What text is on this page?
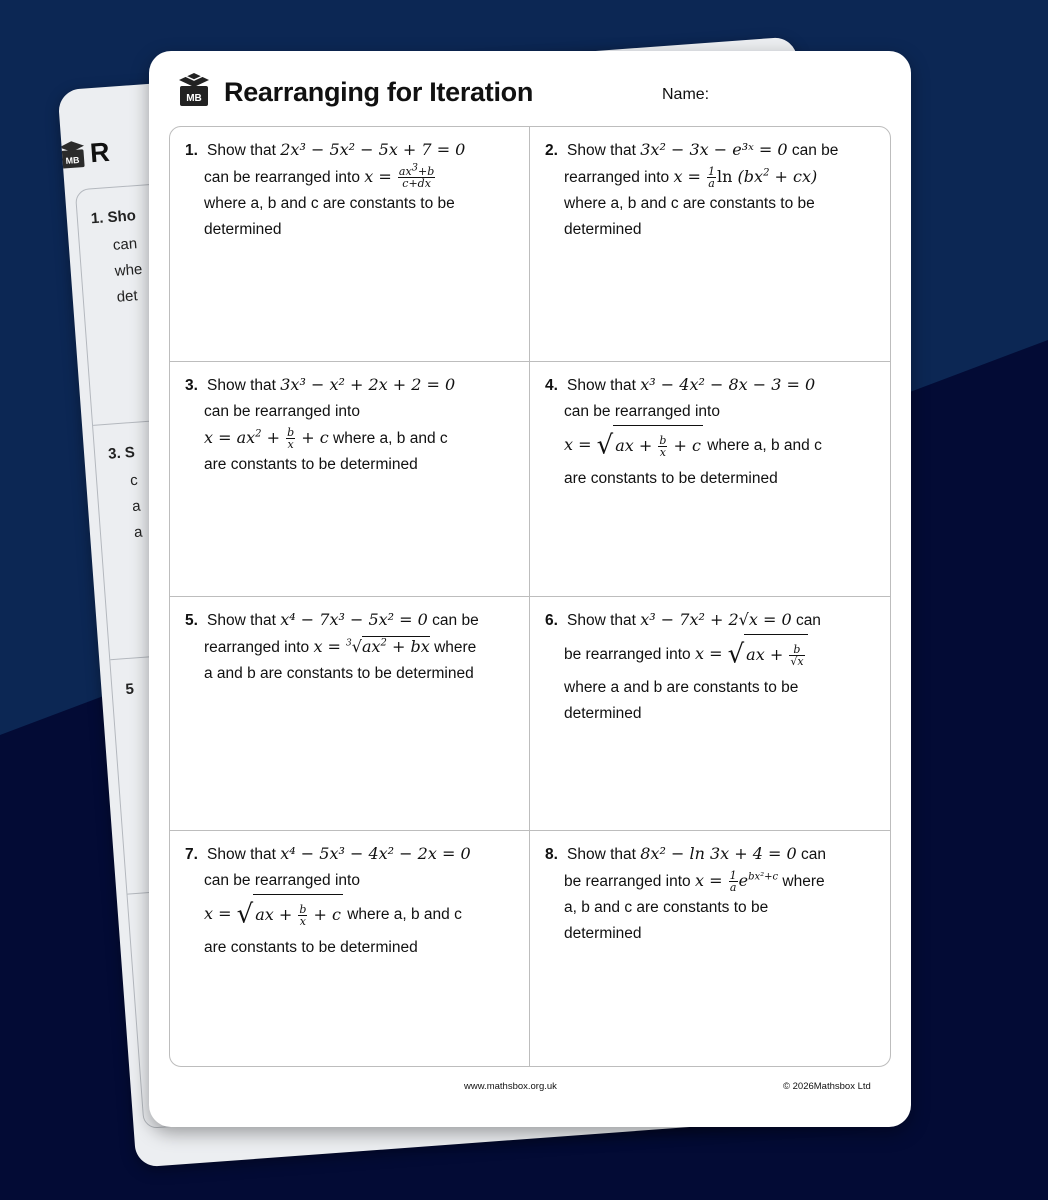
MB R
1. Sho
can
whe
det
3. S
c
a
a
5
MB Rearranging for Iteration	Name:

1. Show that 2x³ − 5x² − 5x + 7 = 0

can be rearranged into $x = \frac{ax^3+b}{c+dx}$
where a, b and c are constants to be
determined

2. Show that 3x² − 3x − e³ˣ = 0 can be

rearranged into $x = \frac{1}{a}$ $\ln (bx^2 + cx)$
where a, b and c are constants to be
determined

3. Show that 3x³ − x² + 2x + 2 = 0

can be rearranged into
$x = ax^2 + \frac{b}{x} + c$ where a, b and c
are constants to be determined

4. Show that x³ − 4x² − 8x − 3 = 0

can be rearranged into
x = √ ax + $\frac{b}{x} + c$ where a, b and c
are constants to be determined

5. Show that x⁴ − 7x³ − 5x² = 0 can be

rearranged into $x = ^3√ax^2$ + bx where
a and b are constants to be determined

6. Show that x³ − 7x² + 2√x = 0 can

be rearranged into x = √ ax + $\frac{b}{√x}$
where a and b are constants to be
determined

7. Show that x⁴ − 5x³ − 4x² − 2x = 0

can be rearranged into
x = √ ax + $\frac{b}{x} + c$ where a, b and c
are constants to be determined

8. Show that 8x² − ln 3x + 4 = 0 can

be rearranged into $x = \frac{1}{a} e^{bx^2+c}$ where
a, b and c are constants to be
determined
www.mathsbox.org.uk	© 2026Mathsbox Ltd
